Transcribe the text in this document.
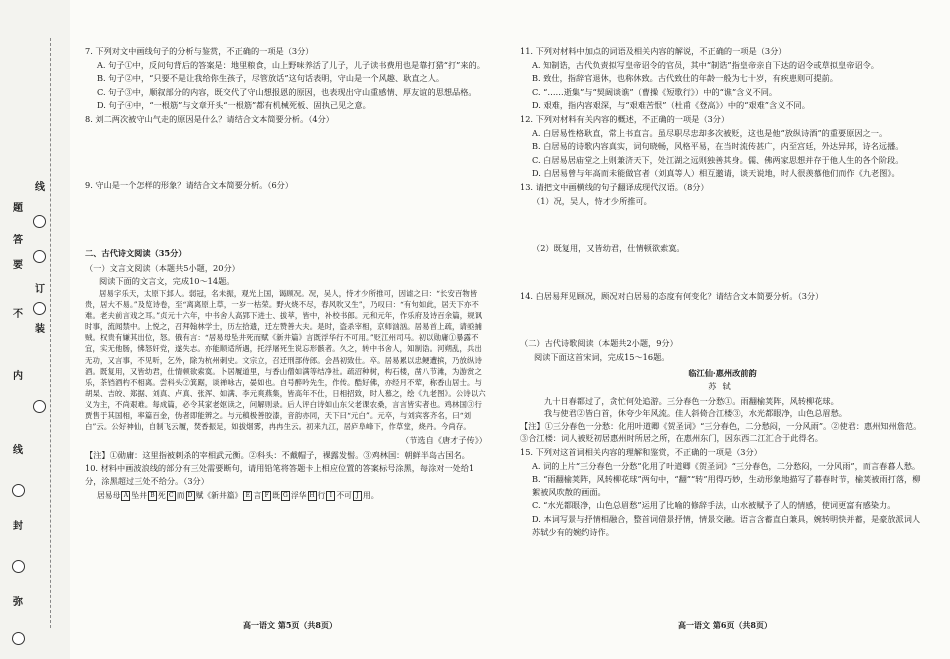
弥
封
线
内
不
要
答
题
线
订
装
7. 下列对文中画线句子的分析与鉴赏，不正确的一项是（3分）
A. 句子①中，反问句背后的答案是：地里粮食，山上野味养活了儿子，儿子读书费用也是靠打猎“打”来的。
B. 句子②中，“只要不是让我给你生孩子，尽管放话”这句话表明，守山是一个风趣、耿直之人。
C. 句子③中，顺叙部分的内容，既交代了守山想报恩的原因，也表现出守山重感情、厚友谊的思想品格。
D. 句子④中，“一根筋”与文章开头“一根筋”都有机械死板、固执己见之意。
8. 刘二两次被守山气走的原因是什么？请结合文本简要分析。（4分）
9. 守山是一个怎样的形象？请结合文本简要分析。（6分）
二、古代诗文阅读（35分）
（一）文言文阅读（本题共5小题，20分）
阅读下面的文言文，完成10～14题。
居易字乐天，太原下邽人。弱冠，名未振，观光上国，谒顾况。况，吴人，恃才少所推可，因谑之曰：“长安百物皆贵，居大不易。”及览诗卷，至“离离原上草，一岁一枯荣。野火烧不尽，春风吹又生”，乃叹曰：“有句如此，居天下亦不难。老夫前言戏之耳。”贞元十六年，中书舍人高郢下进士、拔萃，皆中，补校书郎。元和元年，作乐府及诗百余篇，规讽时事，流闻禁中。上悦之，召拜翰林学士，历左拾遗，迁左赞善大夫。是时，盗杀宰相，京师汹汹。居易首上疏，请亟捕贼。权贵有嫌其出位，怒。俄有言：“居易母坠井死而赋《新井篇》言既浮华行不可用。”贬江州司马。初以勋庸①暴露不宜，实无他肠，怫怒奸党，遂失志。亦能顺适所遇，托浮屠死生说忘形骸者。久之，转中书舍人，知制诰。河朔乱，兵出无功，又言事，不见听，乞外，除为杭州刺史。文宗立，召迁刑部侍郎。会昌初致仕。卒。居易累以忠鲠遭摈，乃放纵诗酒。既复用，又皆幼君，仕情顿欲索寞。卜居履道里，与香山僧如满等结净社。疏沼种树，构石楼，凿八节滩，为游赏之乐，茶铛酒杓不相离。尝科头②箕踞，谈禅咏古，晏如也。自号醉吟先生，作传。酷好佛，亦经月不荤，称香山居士。与胡杲、吉皎、郑据、刘真、卢真、张浑、如满、李元爽燕集，皆高年不仕，日相招致，时人慕之，绘《九老图》。公诗以六义为主，不尚艰难。每成篇，必令其家老妪读之，问解则录。后人评白诗如山东父老课农桑，言言皆实者也。鸡林国③行贾售于其国相，率篇百金，伪者即能辨之。与元稹极善胶漆，音韵亦同，天下曰“元白”。元卒，与刘宾客齐名，曰“刘白”云。公好神仙，自制飞云履，焚香振足，如拔烟雾，冉冉生云。初来九江，居庐阜峰下，作草堂，烧丹。今尚存。
（节选自《唐才子传》）
【注】①勋庸：这里指被刺杀的宰相武元衡。②科头：不戴帽子，裸露发髻。③鸡林国：朝鲜半岛古国名。
10. 材料中画波浪线的部分有三处需要断句，请用铅笔将答题卡上相应位置的答案标号涂黑，每涂对一处给1分，涂黑超过三处不给分。（3分）
居易母 A 坠井 B 死 C 而 D 赋《新井篇》 E 言 F 既 G 浮华 H 行 I 不可 J 用。
高一语文 第5页（共8页）
11. 下列对材料中加点的词语及相关内容的解说，不正确的一项是（3分）
A. 知制诰，古代负责拟写皇帝诏令的官员，其中“制诰”指皇帝亲自下达的诏令或草拟皇帝诏令。
B. 致仕，指辞官退休，也称休致。古代致仕的年龄一般为七十岁，有疾患则可提前。
C. “……逝集”与“契阔谈谯”（曹操《短歌行》）中的“谯”含义不同。
D. 艰难，指内容艰深，与“艰难苦恨”（杜甫《登高》）中的“艰难”含义不同。
12. 下列对材料有关内容的概述，不正确的一项是（3分）
A. 白居易性格耿直，常上书直言。虽尽职尽忠却多次被贬，这也是他“放纵诗酒”的重要原因之一。
B. 白居易的诗歌内容真实，词句晓畅，风格平易，在当时流传甚广，内至宫廷，外达异邦，诗名远播。
C. 白居易居庙堂之上则兼济天下，处江湖之远则独善其身。儒、佛两家思想并存于他人生的各个阶段。
D. 白居易曾与年高而未能做官者（刘真等人）相互邀请，谈天说地，时人很羡慕他们而作《九老图》。
13. 请把文中画横线的句子翻译成现代汉语。（8分）
（1）况，吴人，恃才少所推可。
（2）既复用，又皆幼君，仕情顿欲索寞。
14. 白居易拜见顾况，顾况对白居易的态度有何变化？请结合文本简要分析。（3分）
（二）古代诗歌阅读（本题共2小题，9分）
阅读下面这首宋词，完成15～16题。
临江仙·惠州改前韵
苏轼
九十日春都过了，贪忙何处追游。三分春色一分愁①。雨翻榆荚阵，风转柳花球。
我与使君②皆白首，休夸少年风流。佳人斜倚合江楼③，水光都眼净，山色总眉愁。
【注】①三分春色一分愁：化用叶道卿《贺圣词》“三分春色，二分愁闷，一分风雨”。②使君：惠州知州詹范。③合江楼：词人被贬初居惠州时所居之所，在惠州东门，因东西二江汇合于此得名。
15. 下列对这首词相关内容的理解和鉴赏，不正确的一项是（3分）
A. 词的上片“三分春色一分愁”化用了叶道卿《贺圣词》“三分春色，二分愁闷，一分风雨”，而言春暮人愁。
B. “雨翻榆荚阵，风转柳花球”两句中，“翻”“转”用得巧妙，生动形象地描写了暮春时节，榆荚被雨打落，柳絮被风吹散的画面。
C. “水光都眼净，山色总眉愁”运用了比喻的修辞手法，山水被赋予了人的情感，使词更富有感染力。
D. 本词写景与抒情相融合，整首词借景抒情，情景交融。语言含蓄直白兼具，婉转明快并蓄，是豪放派词人苏轼少有的婉约诗作。
高一语文 第6页（共8页）
